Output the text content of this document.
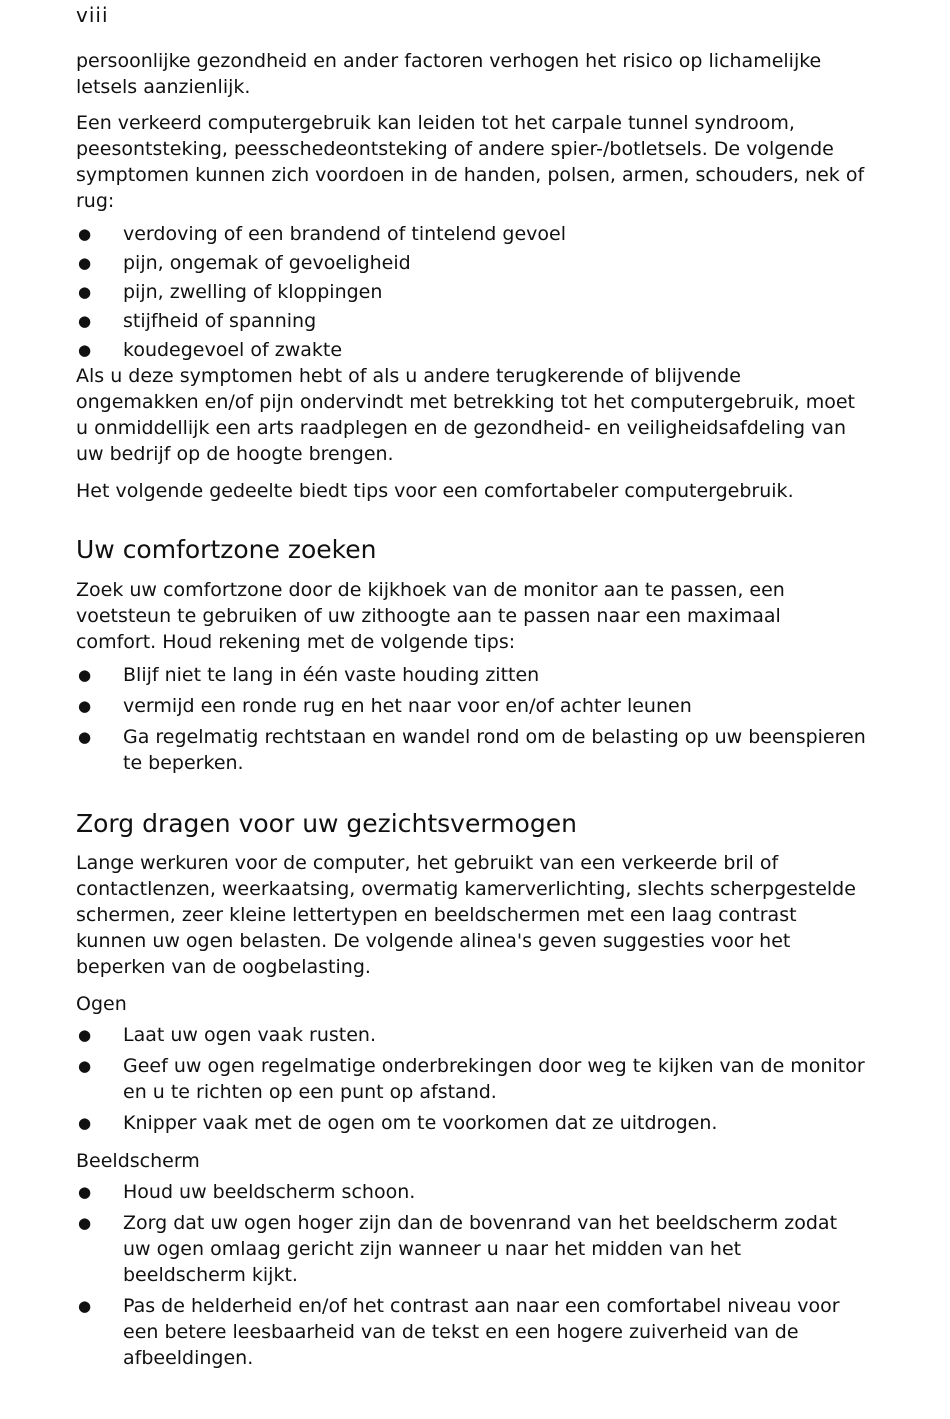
viii

persoonlijke gezondheid en ander factoren verhogen het risico op lichamelijke letsels aanzienlijk.

Een verkeerd computergebruik kan leiden tot het carpale tunnel syndroom, peesontsteking, peesschedeontsteking of andere spier-/botletsels. De volgende symptomen kunnen zich voordoen in de handen, polsen, armen, schouders, nek of rug:

● verdoving of een brandend of tintelend gevoel
● pijn, ongemak of gevoeligheid
● pijn, zwelling of kloppingen
● stijfheid of spanning
● koudegevoel of zwakte

Als u deze symptomen hebt of als u andere terugkerende of blijvende ongemakken en/of pijn ondervindt met betrekking tot het computergebruik, moet u onmiddellijk een arts raadplegen en de gezondheid- en veiligheidsafdeling van uw bedrijf op de hoogte brengen.

Het volgende gedeelte biedt tips voor een comfortabeler computergebruik.

Uw comfortzone zoeken

Zoek uw comfortzone door de kijkhoek van de monitor aan te passen, een voetsteun te gebruiken of uw zithoogte aan te passen naar een maximaal comfort. Houd rekening met de volgende tips:

● Blijf niet te lang in één vaste houding zitten
● vermijd een ronde rug en het naar voor en/of achter leunen
● Ga regelmatig rechtstaan en wandel rond om de belasting op uw beenspieren te beperken.
Zorg dragen voor uw gezichtsvermogen

Lange werkuren voor de computer, het gebruikt van een verkeerde bril of contactlenzen, weerkaatsing, overmatig kamerverlichting, slechts scherpgestelde schermen, zeer kleine lettertypen en beeldschermen met een laag contrast kunnen uw ogen belasten. De volgende alinea's geven suggesties voor het beperken van de oogbelasting.

Ogen

● Laat uw ogen vaak rusten.
● Geef uw ogen regelmatige onderbrekingen door weg te kijken van de monitor en u te richten op een punt op afstand.
● Knipper vaak met de ogen om te voorkomen dat ze uitdrogen.

Beeldscherm

● Houd uw beeldscherm schoon.
● Zorg dat uw ogen hoger zijn dan de bovenrand van het beeldscherm zodat uw ogen omlaag gericht zijn wanneer u naar het midden van het beeldscherm kijkt.
● Pas de helderheid en/of het contrast aan naar een comfortabel niveau voor een betere leesbaarheid van de tekst en een hogere zuiverheid van de afbeeldingen.
